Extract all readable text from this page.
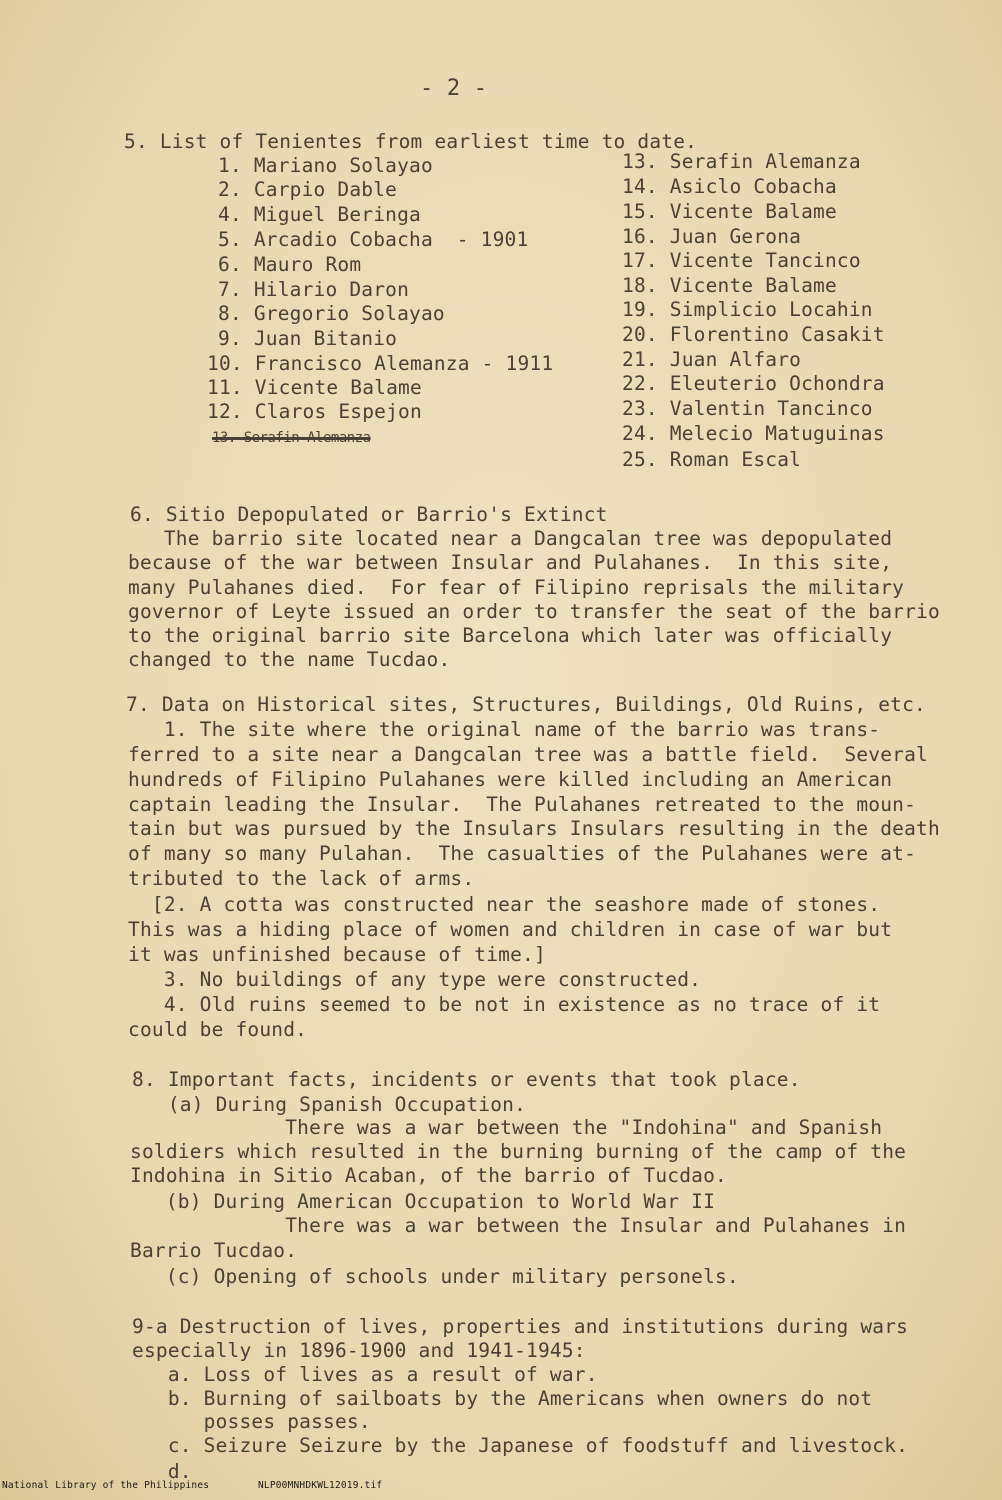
- 2 -
5. List of Tenientes from earliest time to date.
1. Mariano Solayao
2. Carpio Dable
4. Miguel Beringa
5. Arcadio Cobacha  - 1901
6. Mauro Rom
7. Hilario Daron
8. Gregorio Solayao
9. Juan Bitanio
10. Francisco Alemanza - 1911
11. Vicente Balame
12. Claros Espejon
13. Serafin Alemanza
13. Serafin Alemanza
14. Asiclo Cobacha
15. Vicente Balame
16. Juan Gerona
17. Vicente Tancinco
18. Vicente Balame
19. Simplicio Locahin
20. Florentino Casakit
21. Juan Alfaro
22. Eleuterio Ochondra
23. Valentin Tancinco
24. Melecio Matuguinas
25. Roman Escal
6. Sitio Depopulated or Barrio's Extinct
The barrio site located near a Dangcalan tree was depopulated
because of the war between Insular and Pulahanes.  In this site,
many Pulahanes died.  For fear of Filipino reprisals the military
governor of Leyte issued an order to transfer the seat of the barrio
to the original barrio site Barcelona which later was officially
changed to the name Tucdao.
7. Data on Historical sites, Structures, Buildings, Old Ruins, etc.
1. The site where the original name of the barrio was trans-
ferred to a site near a Dangcalan tree was a battle field.  Several
hundreds of Filipino Pulahanes were killed including an American
captain leading the Insular.  The Pulahanes retreated to the moun-
tain but was pursued by the Insulars Insulars resulting in the death
of many so many Pulahan.  The casualties of the Pulahanes were at-
tributed to the lack of arms.
[2. A cotta was constructed near the seashore made of stones.
This was a hiding place of women and children in case of war but
it was unfinished because of time.]
3. No buildings of any type were constructed.
4. Old ruins seemed to be not in existence as no trace of it
could be found.
8. Important facts, incidents or events that took place.
(a) During Spanish Occupation.
There was a war between the "Indohina" and Spanish
soldiers which resulted in the burning burning of the camp of the
Indohina in Sitio Acaban, of the barrio of Tucdao.
(b) During American Occupation to World War II
There was a war between the Insular and Pulahanes in
Barrio Tucdao.
(c) Opening of schools under military personels.
9-a Destruction of lives, properties and institutions during wars
especially in 1896-1900 and 1941-1945:
a. Loss of lives as a result of war.
b. Burning of sailboats by the Americans when owners do not
posses passes.
c. Seizure Seizure by the Japanese of foodstuff and livestock.
d.
National Library of the Philippines	NLP00MNHDKWL12019.tif
